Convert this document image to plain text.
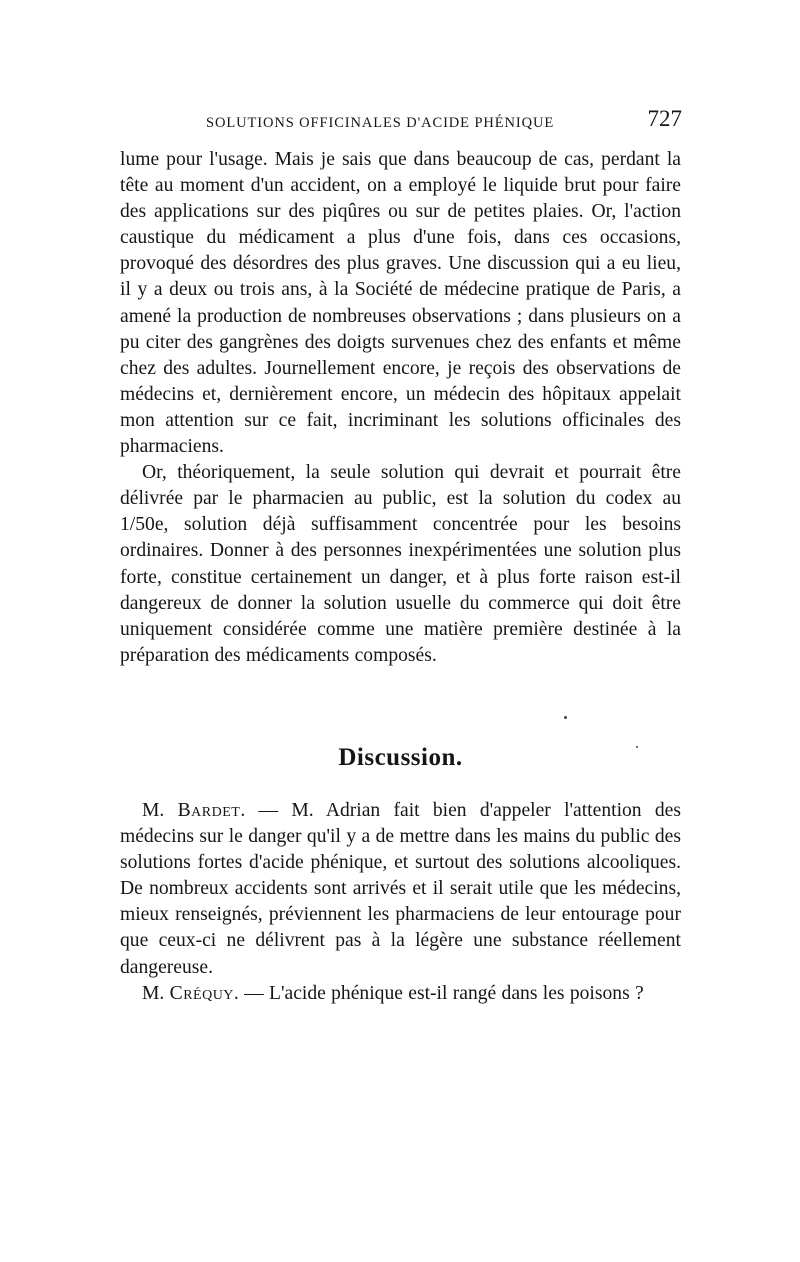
SOLUTIONS OFFICINALES D'ACIDE PHÉNIQUE	727

lume pour l'usage. Mais je sais que dans beaucoup de cas, perdant la tête au moment d'un accident, on a employé le liquide brut pour faire des applications sur des piqûres ou sur de petites plaies. Or, l'action caustique du médicament a plus d'une fois, dans ces occasions, provoqué des désordres des plus graves. Une discussion qui a eu lieu, il y a deux ou trois ans, à la Société de médecine pratique de Paris, a amené la production de nombreuses observations ; dans plusieurs on a pu citer des gangrènes des doigts survenues chez des enfants et même chez des adultes. Journellement encore, je reçois des observations de médecins et, dernièrement encore, un médecin des hôpitaux appelait mon attention sur ce fait, incriminant les solutions officinales des pharmaciens.

Or, théoriquement, la seule solution qui devrait et pourrait être délivrée par le pharmacien au public, est la solution du codex au 1/50e, solution déjà suffisamment concentrée pour les besoins ordinaires. Donner à des personnes inexpérimentées une solution plus forte, constitue certainement un danger, et à plus forte raison est-il dangereux de donner la solution usuelle du commerce qui doit être uniquement considérée comme une matière première destinée à la préparation des médicaments composés.

Discussion.

M. Bardet. — M. Adrian fait bien d'appeler l'attention des médecins sur le danger qu'il y a de mettre dans les mains du public des solutions fortes d'acide phénique, et surtout des solutions alcooliques. De nombreux accidents sont arrivés et il serait utile que les médecins, mieux renseignés, préviennent les pharmaciens de leur entourage pour que ceux-ci ne délivrent pas à la légère une substance réellement dangereuse.

M. Créquy. — L'acide phénique est-il rangé dans les poisons ?
